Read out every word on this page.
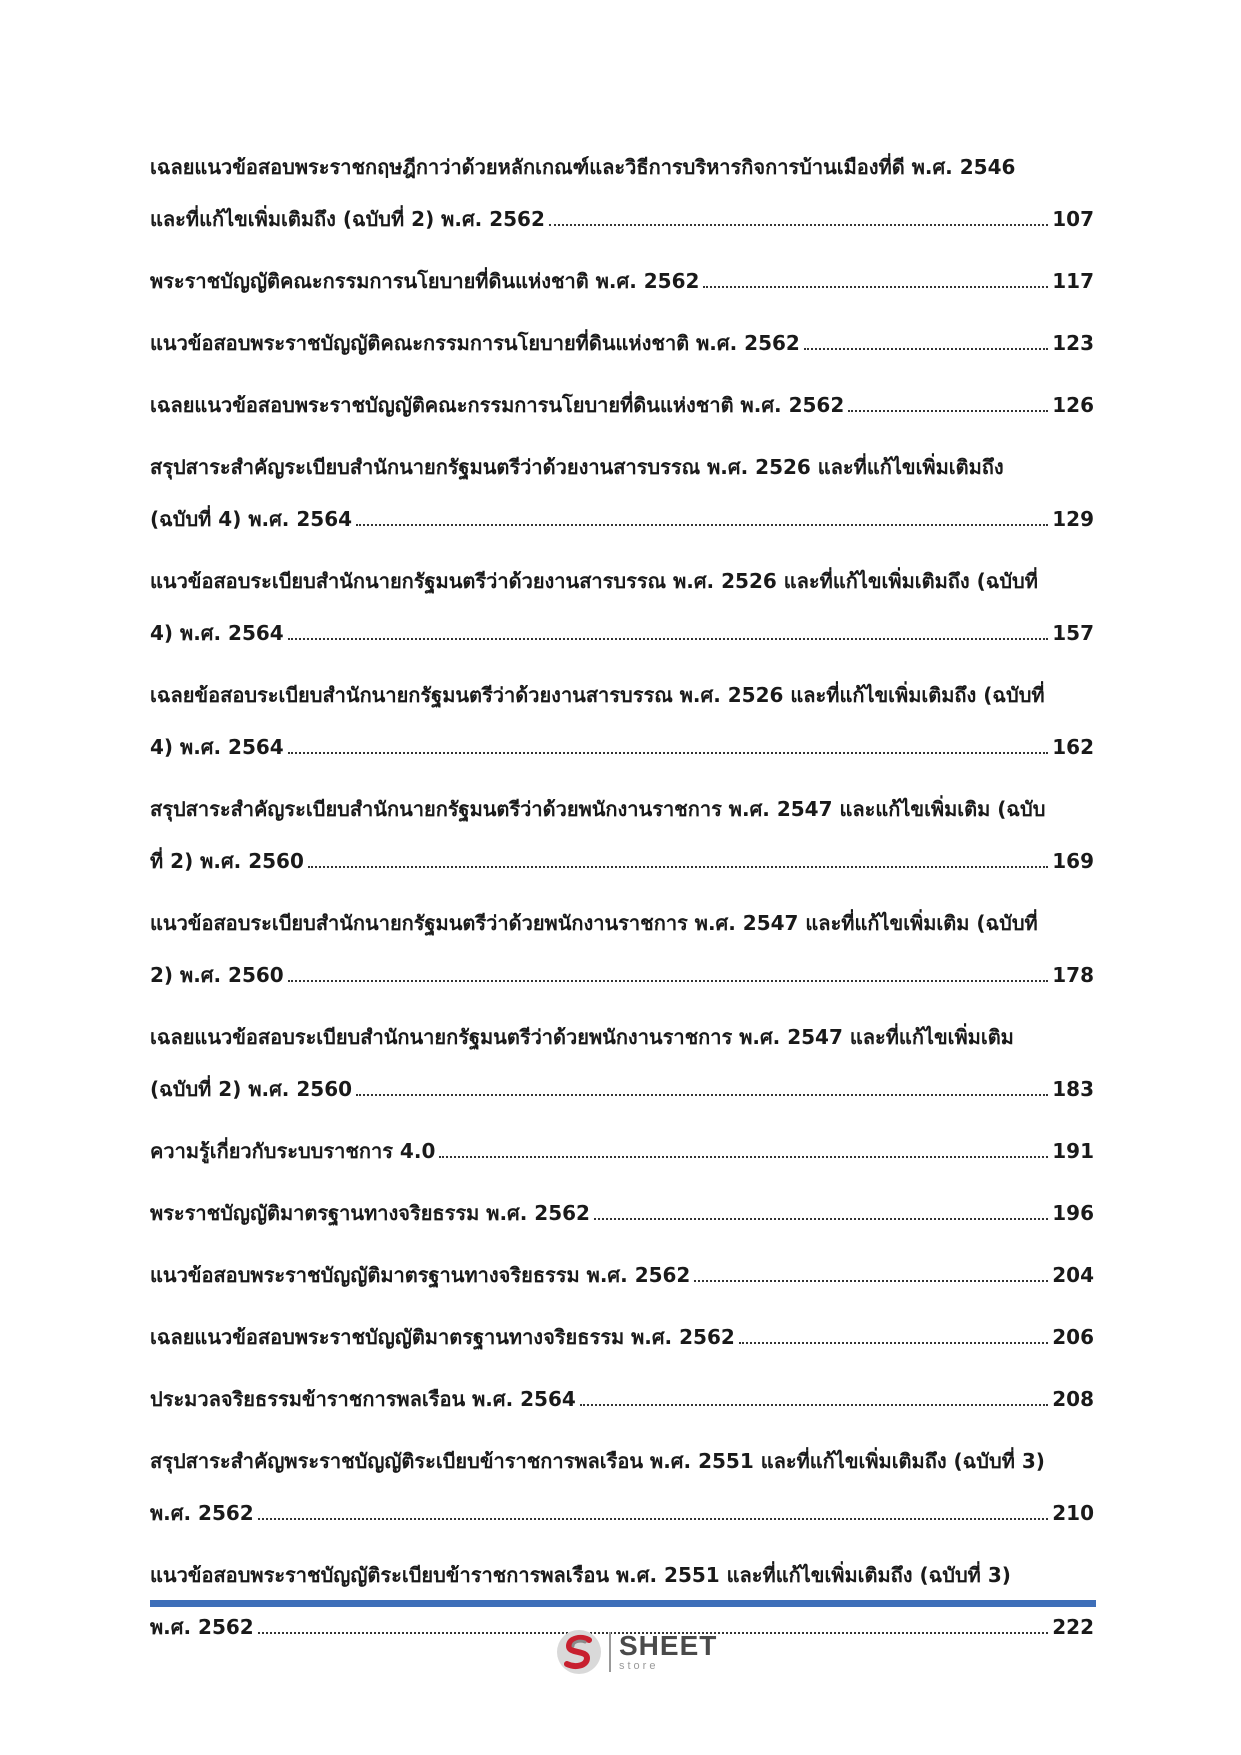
เฉลยแนวข้อสอบพระราชกฤษฎีกาว่าด้วยหลักเกณฑ์และวิธีการบริหารกิจการบ้านเมืองที่ดี พ.ศ. 2546
และที่แก้ไขเพิ่มเติมถึง (ฉบับที่ 2) พ.ศ. 2562	107
พระราชบัญญัติคณะกรรมการนโยบายที่ดินแห่งชาติ พ.ศ. 2562	117
แนวข้อสอบพระราชบัญญัติคณะกรรมการนโยบายที่ดินแห่งชาติ พ.ศ. 2562	123
เฉลยแนวข้อสอบพระราชบัญญัติคณะกรรมการนโยบายที่ดินแห่งชาติ พ.ศ. 2562	126
สรุปสาระสำคัญระเบียบสำนักนายกรัฐมนตรีว่าด้วยงานสารบรรณ พ.ศ. 2526 และที่แก้ไขเพิ่มเติมถึง
(ฉบับที่ 4) พ.ศ. 2564	129
แนวข้อสอบระเบียบสำนักนายกรัฐมนตรีว่าด้วยงานสารบรรณ พ.ศ. 2526 และที่แก้ไขเพิ่มเติมถึง (ฉบับที่
4) พ.ศ. 2564	157
เฉลยข้อสอบระเบียบสำนักนายกรัฐมนตรีว่าด้วยงานสารบรรณ พ.ศ. 2526 และที่แก้ไขเพิ่มเติมถึง (ฉบับที่
4) พ.ศ. 2564	162
สรุปสาระสำคัญระเบียบสำนักนายกรัฐมนตรีว่าด้วยพนักงานราชการ พ.ศ. 2547 และแก้ไขเพิ่มเติม (ฉบับ
ที่ 2) พ.ศ. 2560	169
แนวข้อสอบระเบียบสำนักนายกรัฐมนตรีว่าด้วยพนักงานราชการ พ.ศ. 2547 และที่แก้ไขเพิ่มเติม (ฉบับที่
2) พ.ศ. 2560	178
เฉลยแนวข้อสอบระเบียบสำนักนายกรัฐมนตรีว่าด้วยพนักงานราชการ พ.ศ. 2547 และที่แก้ไขเพิ่มเติม
(ฉบับที่ 2) พ.ศ. 2560	183
ความรู้เกี่ยวกับระบบราชการ 4.0	191
พระราชบัญญัติมาตรฐานทางจริยธรรม พ.ศ. 2562	196
แนวข้อสอบพระราชบัญญัติมาตรฐานทางจริยธรรม พ.ศ. 2562	204
เฉลยแนวข้อสอบพระราชบัญญัติมาตรฐานทางจริยธรรม พ.ศ. 2562	206
ประมวลจริยธรรมข้าราชการพลเรือน พ.ศ. 2564	208
สรุปสาระสำคัญพระราชบัญญัติระเบียบข้าราชการพลเรือน พ.ศ. 2551 และที่แก้ไขเพิ่มเติมถึง (ฉบับที่ 3)
พ.ศ. 2562	210
แนวข้อสอบพระราชบัญญัติระเบียบข้าราชการพลเรือน พ.ศ. 2551 และที่แก้ไขเพิ่มเติมถึง (ฉบับที่ 3)
พ.ศ. 2562	222
SHEET
store
